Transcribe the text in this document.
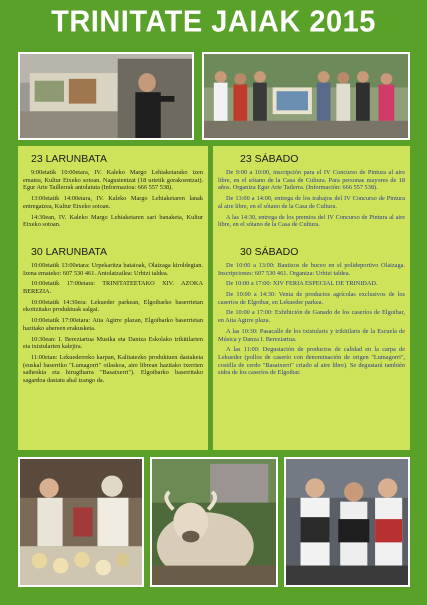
TRINITATE JAIAK 2015
23 LARUNBATA

9:00etatik 10:00etara, IV. Kaleko Margo Lehiaketarako izen ematea, Kultur Etxeko sotoan. Nagusientzat (18 urtetik gorakoentzat). Egur Arte Taillerrak antolatuta (Informazioa: 666 557 538).

13:00etatik 14:00etara, IV. Kaleko Margo Lehiaketaren lanak entregatzea, Kultur Etxeko sotoan.

14:30ean, IV. Kaleko Margo Lehiaketaren sari banaketa, Kultur Etxeko sotoan.

30 LARUNBATA

10:00etatik 13:00etara: Urpekaritza bataioak, Olaizaga kiroldegian. Izena emateko: 607 530 461. Antolatzailea: Urbizi taldea.

10:00etatik 17:00etara: TRINITATEETAKO XIV. AZOKA BEREZIA.

10:00etatik 14:30era: Lekueder parkean, Elgoibarko baserrietan ekoitzitako produktuak salgai.

10:00etatik 17:00etara: Aita Agirre plazan, Elgoibarko baserrietan hazitako abereen erakusketa.

10:30ean: I. Bereziartua Musika eta Dantza Eskolako trikitilarien eta txistularien kalejira.

11:00etan: Lekuederreko karpan, Kalitatezko produktuen dastaketa (euskal baserriko "Lumagorri" oilaskoa, aire librean hazitako txerrien saiheskia eta hirugiharra "Basatxerri"). Elgoibarko baserritako sagardoa dastatu ahal izango da.

23 SÁBADO

De 9:00 a 10:00, inscripción para el IV Concurso de Pintura al aire libre, en el sótano de la Casa de Cultura. Para personas mayores de 18 años. Organiza Egur Arte Tailerra. (Información: 666 557 538).

De 13:00 a 14:00, entrega de los trabajos del IV Concurso de Pintura al aire libre, en el sótano de la Casa de Cultura.

A las 14:30, entrega de los premios del IV Concurso de Pintura al aire libre, en el sótano de la Casa de Cultura.

30 SÁBADO

De 10:00 a 13:00: Bautizos de buceo en el polideportivo Olaizaga. Inscripciones: 607 530 461. Organiza: Urbizi taldea.

De 10:00 a 17:00: XIV FERIA ESPECIAL DE TRINIDAD.

De 10:00 a 14:30: Venta de productos agrícolas exclusivos de los caseríos de Elgoibar, en Lekueder parkea.

De 10:00 a 17:00: Exhibición de Ganado de los caseríos de Elgoibar, en Aita Agirre plaza.

A las 10:30: Pasacalle de los txistularis y trikitilaris de la Escuela de Música y Danza I. Bereziartua.

A las 11:00: Degustación de productos de calidad en la carpa de Lekueder (pollos de caserío con denominación de origen "Lumagorri", costilla de cerdo "Basatxerri" criado al aire libre). Se degustará también sidra de los caseríos de Elgoibar.
